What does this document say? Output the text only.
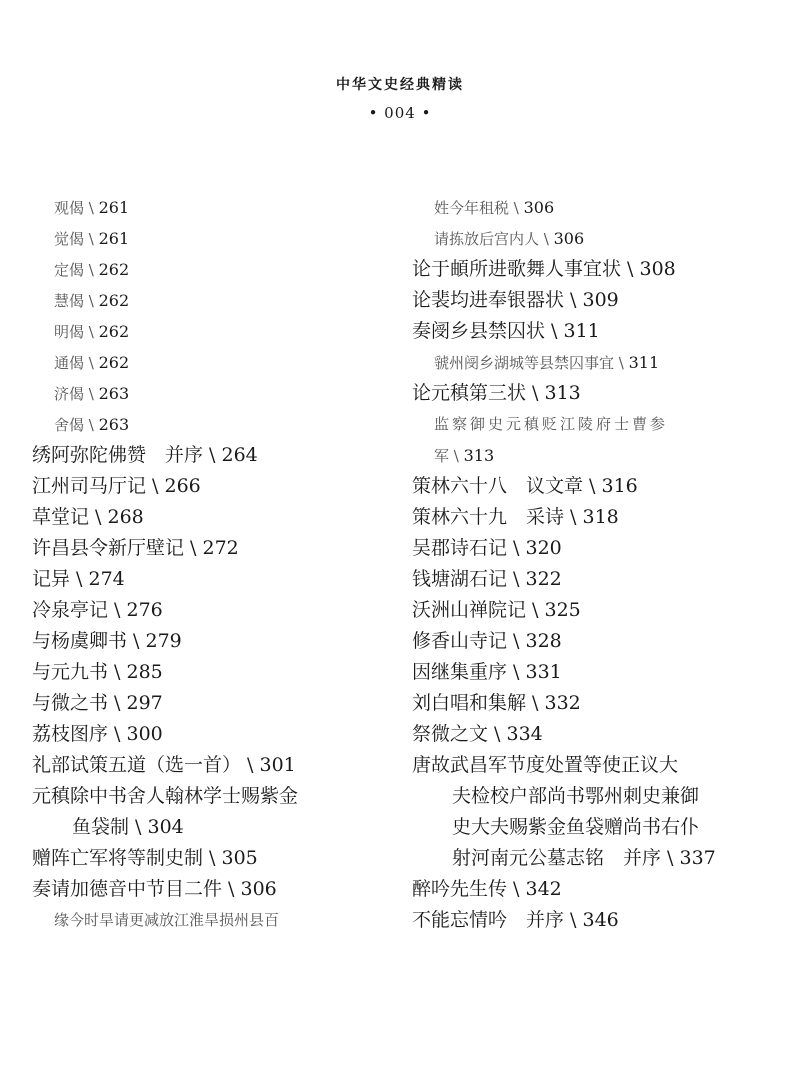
中华文史经典精读
• 004 •
观偈 \ 261
觉偈 \ 261
定偈 \ 262
慧偈 \ 262
明偈 \ 262
通偈 \ 262
济偈 \ 263
舍偈 \ 263
绣阿弥陀佛赞　并序 \ 264
江州司马厅记 \ 266
草堂记 \ 268
许昌县令新厅壁记 \ 272
记异 \ 274
冷泉亭记 \ 276
与杨虞卿书 \ 279
与元九书 \ 285
与微之书 \ 297
荔枝图序 \ 300
礼部试策五道（选一首） \ 301
元稹除中书舍人翰林学士赐紫金
鱼袋制 \ 304
赠阵亡军将等制史制 \ 305
奏请加德音中节目二件 \ 306
缘今时旱请更减放江淮旱损州县百
姓今年租税 \ 306
请拣放后宫内人 \ 306
论于頔所进歌舞人事宜状 \ 308
论裴均进奉银器状 \ 309
奏阌乡县禁囚状 \ 311
虢州阌乡湖城等县禁囚事宜 \ 311
论元稹第三状 \ 313
监察御史元稹贬江陵府士曹参
军 \ 313
策林六十八　议文章 \ 316
策林六十九　采诗 \ 318
吴郡诗石记 \ 320
钱塘湖石记 \ 322
沃洲山禅院记 \ 325
修香山寺记 \ 328
因继集重序 \ 331
刘白唱和集解 \ 332
祭微之文 \ 334
唐故武昌军节度处置等使正议大
夫检校户部尚书鄂州刺史兼御
史大夫赐紫金鱼袋赠尚书右仆
射河南元公墓志铭　并序 \ 337
醉吟先生传 \ 342
不能忘情吟　并序 \ 346
